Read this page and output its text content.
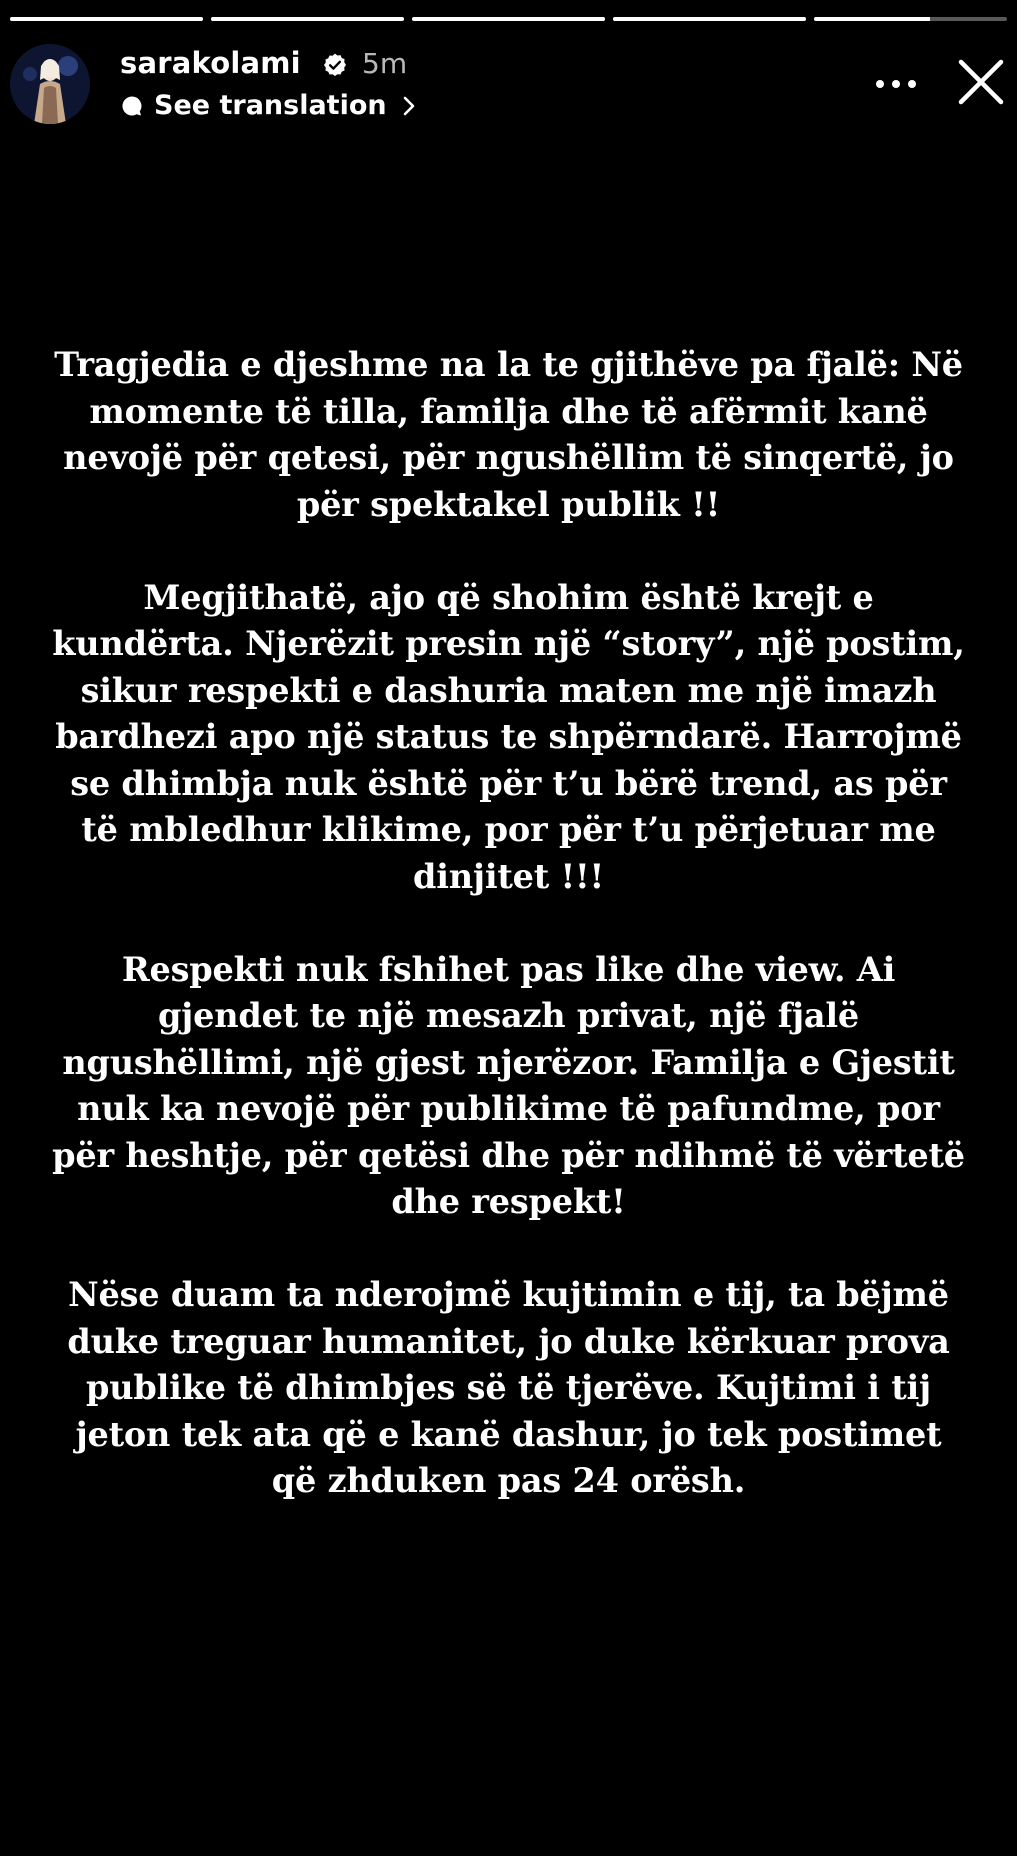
sarakolami 5m
See translation

Tragjedia e djeshme na la te gjithëve pa fjalë: Në momente të tilla, familja dhe të afërmit kanë nevojë për qetesi, për ngushëllim të sinqertë, jo për spektakel publik !!

Megjithatë, ajo që shohim është krejt e kundërta. Njerëzit presin një “story”, një postim, sikur respekti e dashuria maten me një imazh bardhezi apo një status te shpërndarë. Harrojmë se dhimbja nuk është për t’u bërë trend, as për të mbledhur klikime, por për t’u përjetuar me dinjitet !!!

Respekti nuk fshihet pas like dhe view. Ai gjendet te një mesazh privat, një fjalë ngushëllimi, një gjest njerëzor. Familja e Gjestit nuk ka nevojë për publikime të pafundme, por për heshtje, për qetësi dhe për ndihmë të vërtetë dhe respekt!

Nëse duam ta nderojmë kujtimin e tij, ta bëjmë duke treguar humanitet, jo duke kërkuar prova publike të dhimbjes së të tjerëve. Kujtimi i tij jeton tek ata që e kanë dashur, jo tek postimet që zhduken pas 24 orësh.
